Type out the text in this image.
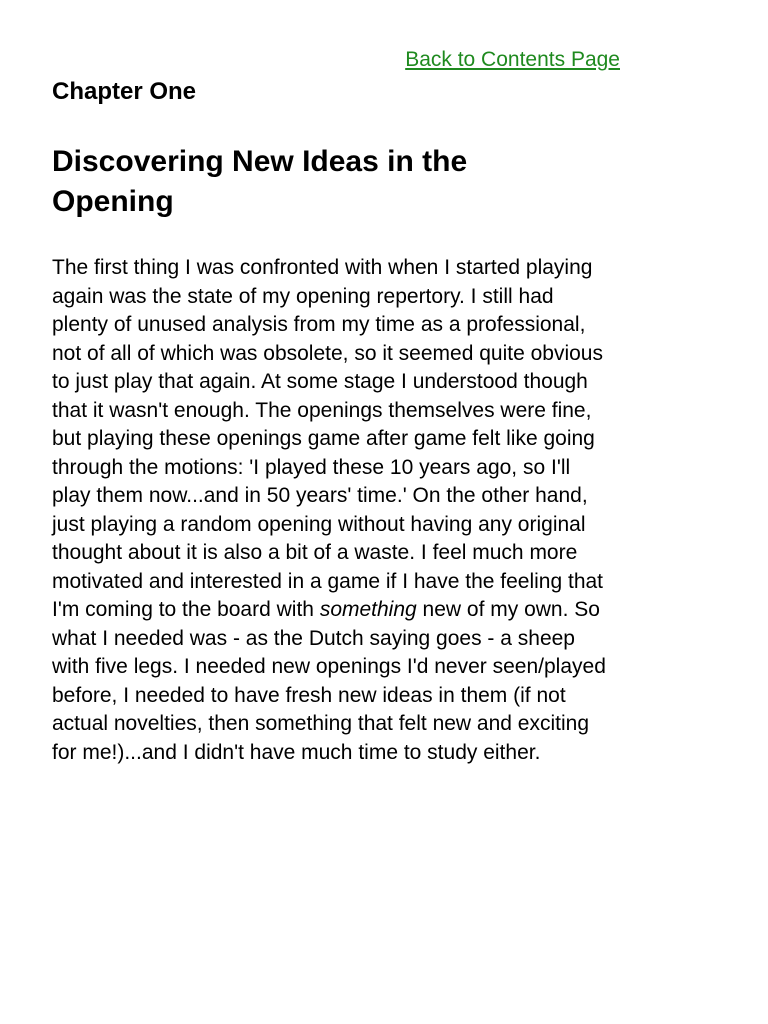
Back to Contents Page
Chapter One
Discovering New Ideas in the Opening

The first thing I was confronted with when I started playing again was the state of my opening repertory. I still had plenty of unused analysis from my time as a professional, not of all of which was obsolete, so it seemed quite obvious to just play that again. At some stage I understood though that it wasn't enough. The openings themselves were fine, but playing these openings game after game felt like going through the motions: 'I played these 10 years ago, so I'll play them now...and in 50 years' time.' On the other hand, just playing a random opening without having any original thought about it is also a bit of a waste. I feel much more motivated and interested in a game if I have the feeling that I'm coming to the board with something new of my own. So what I needed was - as the Dutch saying goes - a sheep with five legs. I needed new openings I'd never seen/played before, I needed to have fresh new ideas in them (if not actual novelties, then something that felt new and exciting for me!)...and I didn't have much time to study either.
